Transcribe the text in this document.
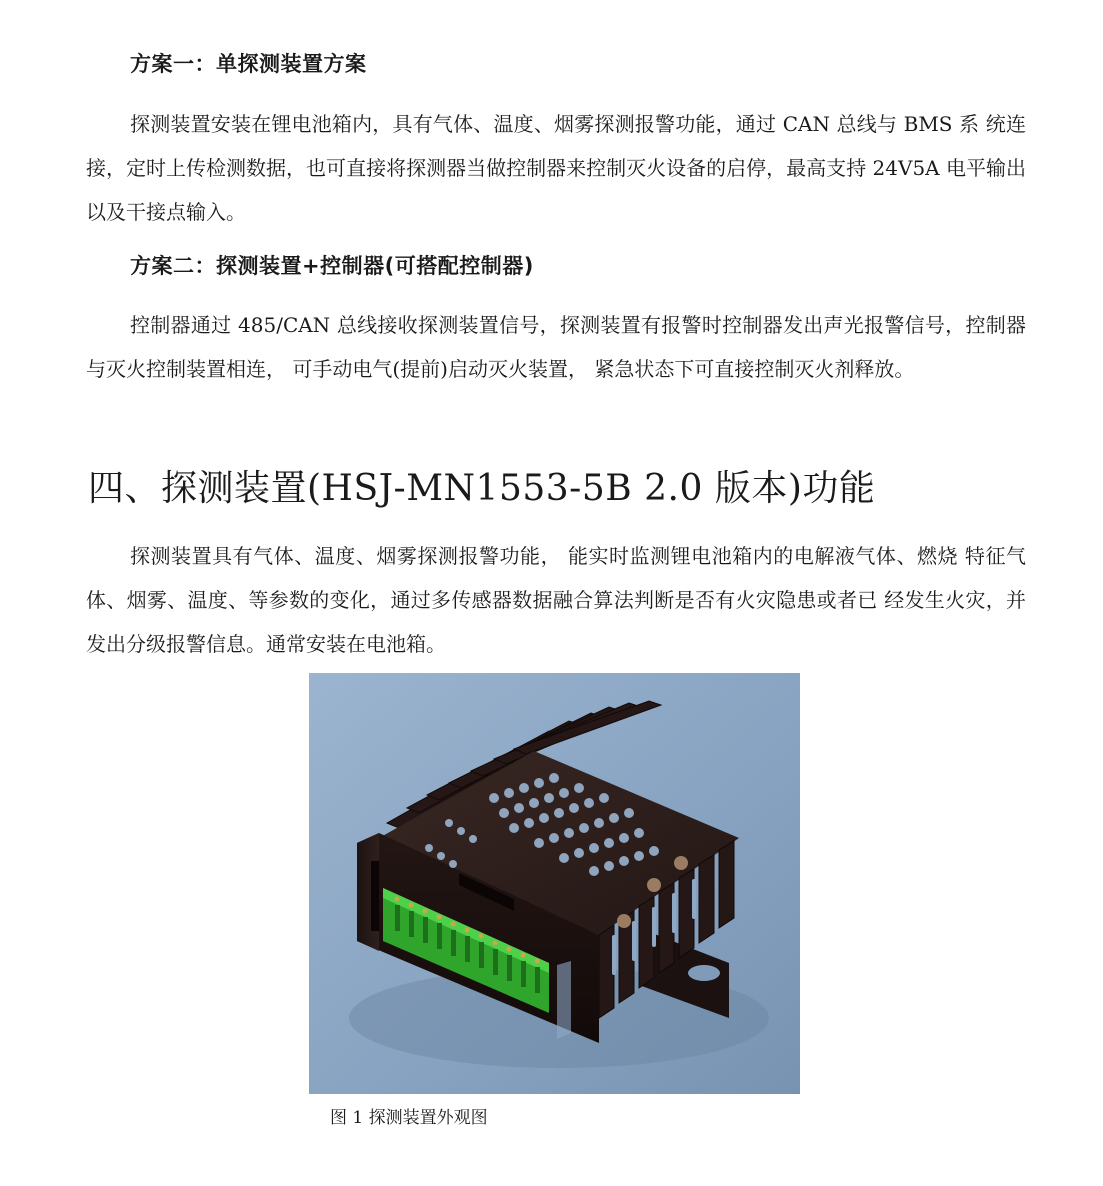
方案一：单探测装置方案

探测装置安装在锂电池箱内，具有气体、温度、烟雾探测报警功能，通过 CAN 总线与 BMS 系 统连接，定时上传检测数据，也可直接将探测器当做控制器来控制灭火设备的启停，最高支持 24V5A 电平输出以及干接点输入。

方案二：探测装置+控制器(可搭配控制器)

控制器通过 485/CAN 总线接收探测装置信号，探测装置有报警时控制器发出声光报警信号，控制器与灭火控制装置相连， 可手动电气(提前)启动灭火装置， 紧急状态下可直接控制灭火剂释放。

四、探测装置(HSJ-MN1553-5B 2.0 版本)功能

探测装置具有气体、温度、烟雾探测报警功能， 能实时监测锂电池箱内的电解液气体、燃烧 特征气体、烟雾、温度、等参数的变化，通过多传感器数据融合算法判断是否有火灾隐患或者已 经发生火灾，并发出分级报警信息。通常安装在电池箱。

图 1 探测装置外观图
